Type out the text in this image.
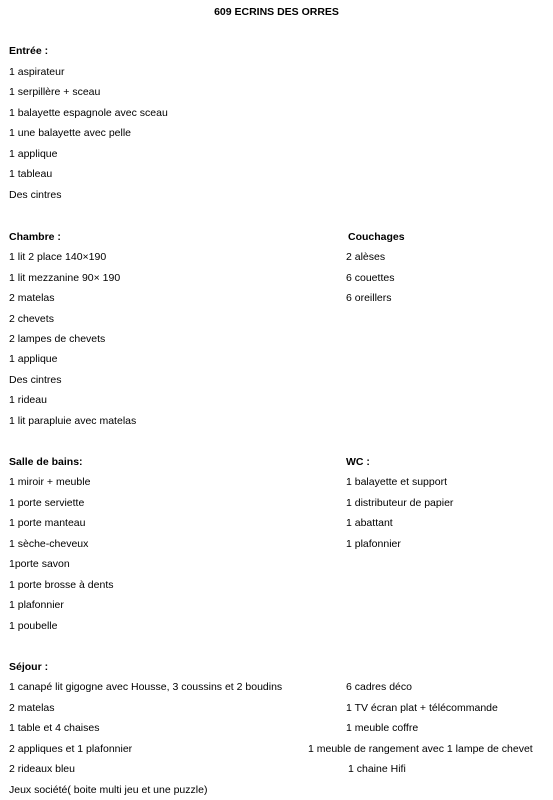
609 ECRINS DES ORRES
Entrée :
1 aspirateur
1 serpillère + sceau
1 balayette espagnole avec sceau
1 une balayette avec pelle
1 applique
1 tableau
Des cintres
Chambre :
1 lit 2 place 140×190
1 lit mezzanine 90× 190
2 matelas
2 chevets
2 lampes de chevets
1 applique
Des cintres
1 rideau
1 lit parapluie avec matelas
Couchages
2 alèses
6 couettes
6 oreillers
Salle de bains:
1 miroir + meuble
1 porte serviette
1 porte manteau
1 sèche-cheveux
1porte savon
1 porte brosse à dents
1 plafonnier
1 poubelle
WC :
1 balayette et support
1 distributeur de papier
1 abattant
1 plafonnier
Séjour :
1 canapé lit gigogne avec Housse, 3 coussins et 2 boudins
2 matelas
1 table et 4 chaises
2 appliques et 1 plafonnier
2 rideaux bleu
Jeux société( boite multi jeu et une puzzle)
6 cadres déco
1 TV écran plat + télécommande
1 meuble coffre
1 meuble de rangement avec 1 lampe de chevet
1 chaine Hifi
